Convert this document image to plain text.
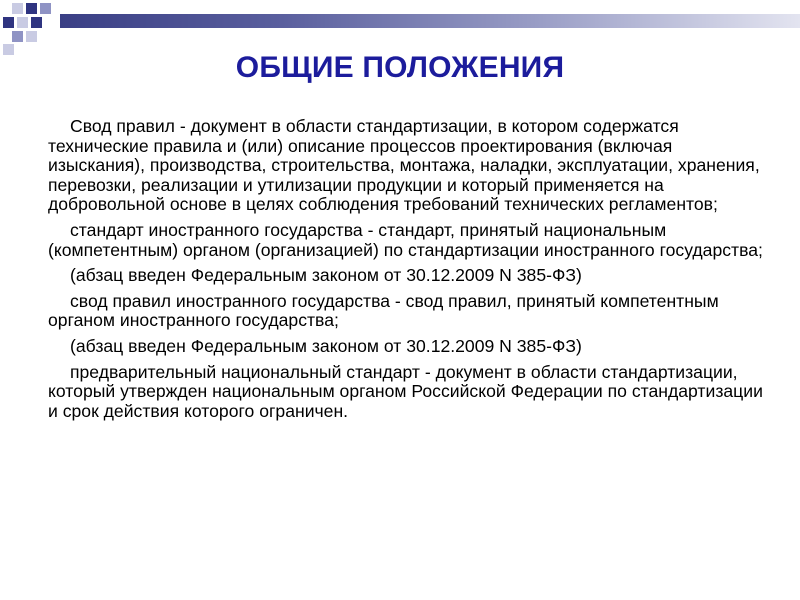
ОБЩИЕ ПОЛОЖЕНИЯ

Свод правил - документ в области стандартизации, в котором содержатся технические правила и (или) описание процессов проектирования (включая изыскания), производства, строительства, монтажа, наладки, эксплуатации, хранения, перевозки, реализации и утилизации продукции и который применяется на добровольной основе в целях соблюдения требований технических регламентов;

стандарт иностранного государства - стандарт, принятый национальным (компетентным) органом (организацией) по стандартизации иностранного государства;

(абзац введен Федеральным законом от 30.12.2009 N 385-ФЗ)

свод правил иностранного государства - свод правил, принятый компетентным органом иностранного государства;

(абзац введен Федеральным законом от 30.12.2009 N 385-ФЗ)

предварительный национальный стандарт - документ в области стандартизации, который утвержден национальным органом Российской Федерации по стандартизации и срок действия которого ограничен.
